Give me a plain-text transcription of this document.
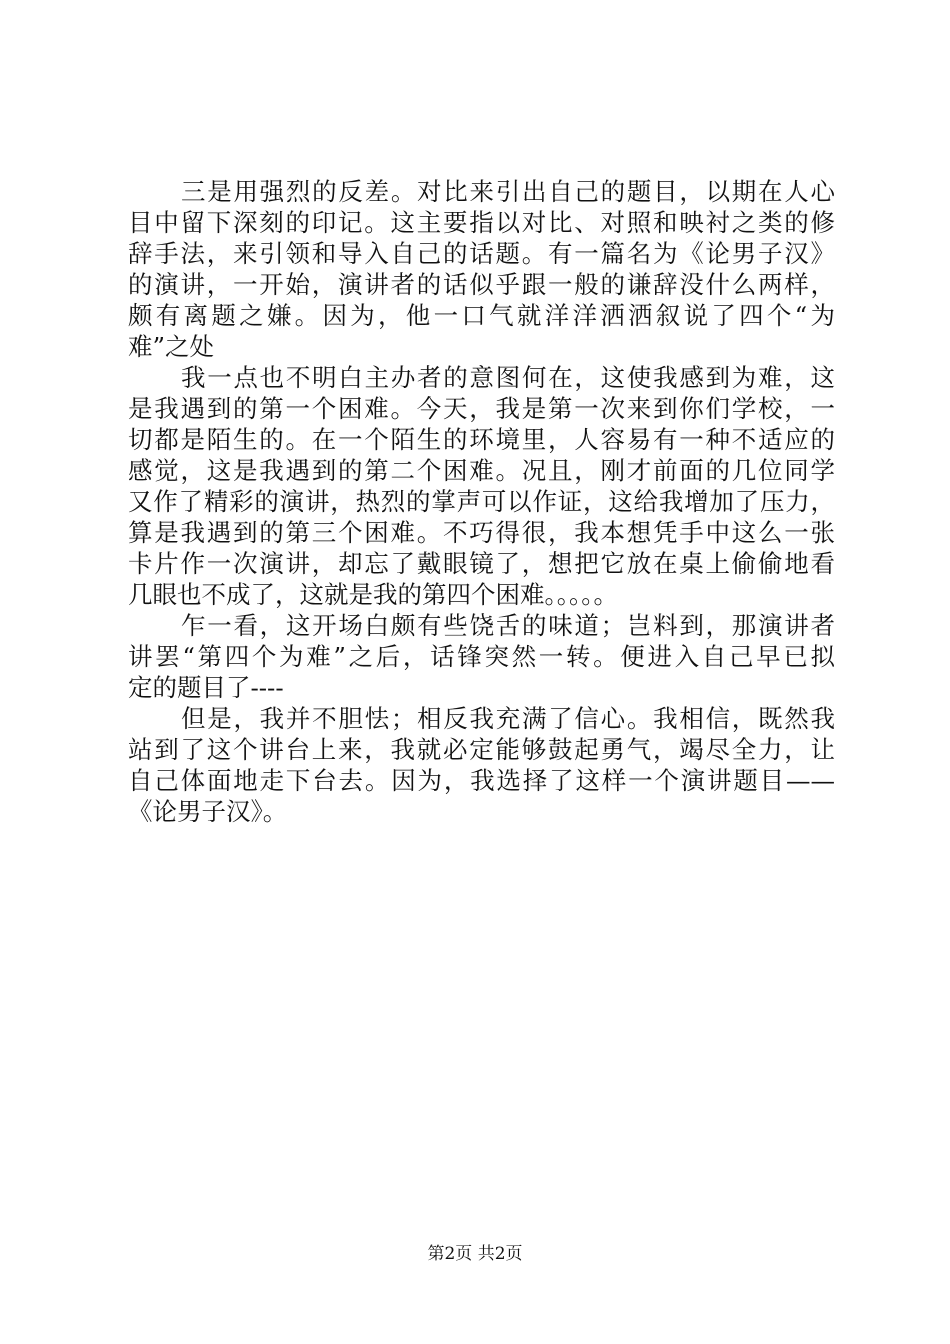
三是用强烈的反差。对比来引出自己的题目，以期在人心
目中留下深刻的印记。这主要指以对比、对照和映衬之类的修
辞手法，来引领和导入自己的话题。有一篇名为《论男子汉》
的演讲，一开始，演讲者的话似乎跟一般的谦辞没什么两样，
颇有离题之嫌。因为，他一口气就洋洋洒洒叙说了四个“为
难”之处
我一点也不明白主办者的意图何在，这使我感到为难，这
是我遇到的第一个困难。今天，我是第一次来到你们学校，一
切都是陌生的。在一个陌生的环境里，人容易有一种不适应的
感觉，这是我遇到的第二个困难。况且，刚才前面的几位同学
又作了精彩的演讲，热烈的掌声可以作证，这给我增加了压力，
算是我遇到的第三个困难。不巧得很，我本想凭手中这么一张
卡片作一次演讲，却忘了戴眼镜了，想把它放在桌上偷偷地看
几眼也不成了，这就是我的第四个困难。。。。。
乍一看，这开场白颇有些饶舌的味道；岂料到，那演讲者
讲罢“第四个为难”之后，话锋突然一转。便进入自己早已拟
定的题目了----
但是，我并不胆怯；相反我充满了信心。我相信，既然我
站到了这个讲台上来，我就必定能够鼓起勇气，竭尽全力，让
自己体面地走下台去。因为，我选择了这样一个演讲题目——
《论男子汉》。
第2页 共2页
